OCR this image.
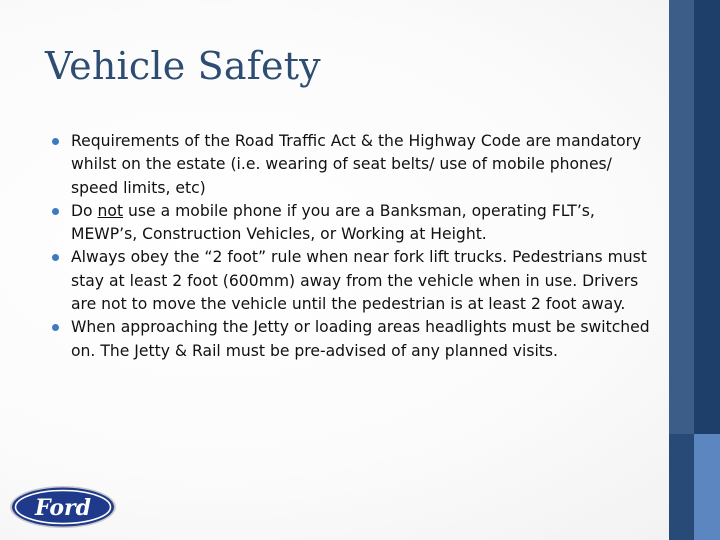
Vehicle Safety
Requirements of the Road Traffic Act & the Highway Code are mandatory whilst on the estate (i.e. wearing of seat belts/ use of mobile phones/ speed limits, etc)
Do not use a mobile phone if you are a Banksman, operating FLT’s, MEWP’s, Construction Vehicles, or Working at Height.
Always obey the “2 foot” rule when near fork lift trucks. Pedestrians must stay at least 2 foot (600mm) away from the vehicle when in use. Drivers are not to move the vehicle until the pedestrian is at least 2 foot away.
When approaching the Jetty or loading areas headlights must be switched on. The Jetty & Rail must be pre-advised of any planned visits.
Ford
